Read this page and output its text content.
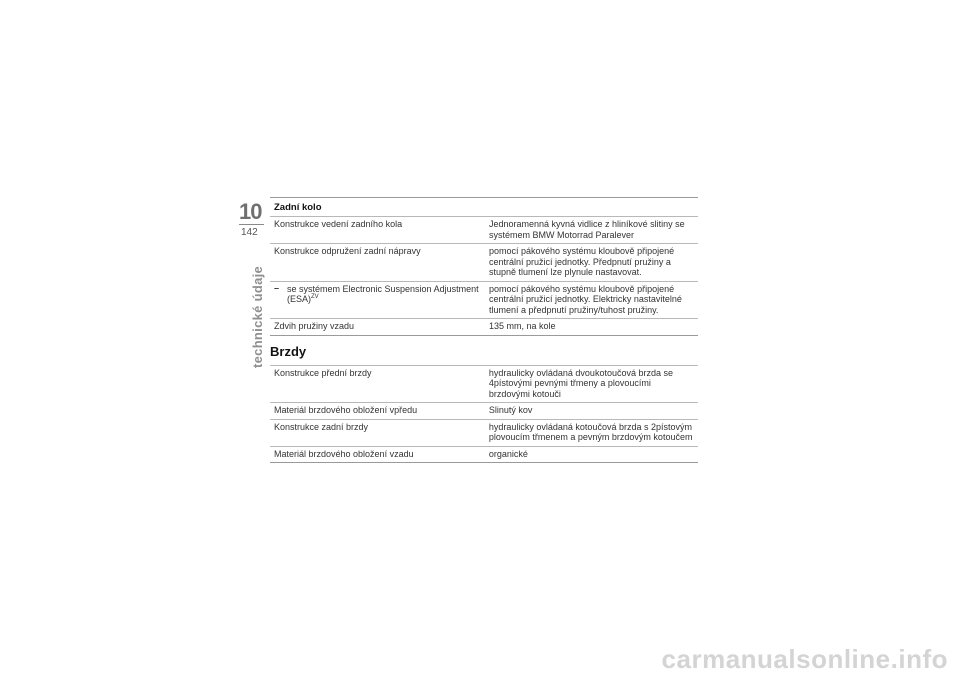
10
142
technické údaje
Zadní kolo
Konstrukce vedení zadního kola	Jednoramenná kyvná vidlice z hliníkové slitiny se systémem BMW Motorrad Paralever
Konstrukce odpružení zadní nápravy	pomocí pákového systému kloubově připojené centrální pružicí jednotky. Předpnutí pružiny a stupně tlumení lze plynule nastavovat.

– se systémem Electronic Suspension Adjustment (ESA)$^{ZV}$	pomocí pákového systému kloubově připojené centrální pružicí jednotky. Elektricky nastavitelné tlumení a předpnutí pružiny/tuhost pružiny.
Zdvih pružiny vzadu	135 mm, na kole
Brzdy
Konstrukce přední brzdy	hydraulicky ovládaná dvoukotoučová brzda se 4pístovými pevnými třmeny a plovoucími brzdovými kotouči
Materiál brzdového obložení vpředu	Slinutý kov
Konstrukce zadní brzdy	hydraulicky ovládaná kotoučová brzda s 2pístovým plovoucím třmenem a pevným brzdovým kotoučem
Materiál brzdového obložení vzadu	organické
carmanualsonline.info
